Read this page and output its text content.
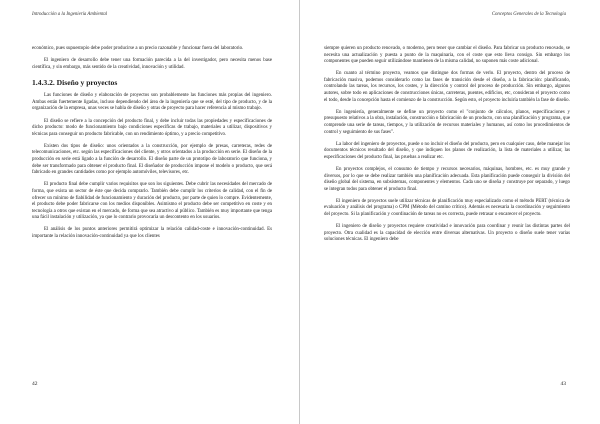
Introducción a la Ingeniería Ambiental

económico, pues supuestopio debe poder producirse a un precio razonable y funcionar fuera del laboratorio.

El ingeniero de desarrollo debe tener una formación parecida a la del investigador, pero necesita menos base científica, y sin embargo, más sentido de la creatividad, innovación y utilidad.

1.4.3.2. Diseño y proyectos

Las funciones de diseño y elaboración de proyectos son probablemente las funciones más propias del ingeniero. Ambas están fuertemente ligadas, incluso dependiendo del área de la ingeniería que se esté, del tipo de producto, y de la organización de la empresa, unas veces se habla de diseño y otras de proyecto para hacer referencia al mismo trabajo.

El diseño se refiere a la concepción del producto final, y debe incluir todas las propiedades y especificaciones de dicho producto: modo de funcionamiento bajo condiciones específicas de trabajo, materiales a utilizar, dispositivos y técnicas para conseguir un producto fabricable, con un rendimiento óptimo, y a precio competitivo.

Existen dos tipos de diseño: unos orientados a la construcción, por ejemplo de presas, carreteras, redes de telecomunicaciones, etc. según las especificaciones del cliente, y otros orientados a la producción en serie. El diseño de la producción en serie está ligado a la función de desarrollo. El diseño parte de un prototipo de laboratorio que funciona, y debe ser transformado para obtener el producto final. El diseñador de producción impone el modelo o producto, que será fabricado en grandes cantidades como por ejemplo automóviles, televisores, etc.

El producto final debe cumplir varios requisitos que son los siguientes. Debe cubrir las necesidades del mercado de forma, que exista un sector de éste que decida comprarlo. También debe cumplir los criterios de calidad, con el fin de ofrecer un mínimo de fiabilidad de funcionamiento y duración del producto, por parte de quien lo compre. Evidentemente, el producto debe poder fabricarse con los medios disponibles. Asimismo el producto debe ser competitivo en coste y en tecnología a otros que existan en el mercado, de forma que sea atractivo al público. También es muy importante que tenga una fácil instalación y utilización, ya que lo contrario provocaría un descontento en los usuarios.

El análisis de los puntos anteriores permitirá optimizar la relación calidad-coste e innovación-continuidad. Es importante la relación innovación-continuidad ya que los clientes

42
Conceptos Generales de la Tecnología

siempre quieren un producto renovado, o moderno, pero tener que cambiar el diseño. Para fabricar un producto renovado, se necesita una actualización y puesta a punto de la maquinaria, con el coste que esto lleva consigo. Sin embargo los componentes que pueden seguir utilizándose mantienen de la misma calidad, no suponen más coste adicional.

En cuanto al término proyecto, veamos que distingue dos formas de verlo. El proyecto, dentro del proceso de fabricación masiva, podemos considerarlo como las fases de transición desde el diseño, a la fabricación: planificando, controlando las tareas, los recursos, los costes, y la dirección y control del proceso de producción. Sin embargo, algunos autores, sobre todo en aplicaciones de construcciones únicas, carreteras, puentes, edificios, etc, consideran el proyecto como el todo, desde la concepción hasta el comienzo de la construcción. Según esto, el proyecto incluiría también la fase de diseño.

En ingeniería, generalmente se define un proyecto como el "conjunto de cálculos, planos, especificaciones y presupuesto relativos a la obra, instalación, construcción o fabricación de un producto, con una planificación y programa, que comprende una serie de tareas, tiempos, y la utilización de recursos materiales y humanos, así como los procedimientos de control y seguimiento de sus fases".

La labor del ingeniero de proyectos, puede o no incluir el diseño del producto, pero en cualquier caso, debe manejar los documentos técnicos resultado del diseño, y que indiquen los planos de realización, la lista de materiales a utilizar, las especificaciones del producto final, las pruebas a realizar etc.

En proyectos complejos, el consumo de tiempo y recursos necesarios, máquinas, hombres, etc. es muy grande y diversos, por lo que se debe realizar también una planificación adecuada. Esta planificación puede conseguir la división del diseño global del sistema, en subsistemas, componentes y elementos. Cada uno se diseña y construye por separado, y luego se integran todos para obtener el producto final.

El ingeniero de proyectos suele utilizar técnicas de planificación muy especializado como el método PERT (técnica de evaluación y análisis del programa) o CPM (Método del camino crítico). Además es necesaria la coordinación y seguimiento del proyecto. Si la planificación y coordinación de tareas no es correcta, puede retrasar o encarecer el proyecto.

El ingeniero de diseño y proyectos requiere creatividad e innovación para coordinar y reunir las distintas partes del proyecto. Otra cualidad es la capacidad de elección entre diversas alternativas. Un proyecto o diseño suele tener varias soluciones técnicas. El ingeniero debe

43
